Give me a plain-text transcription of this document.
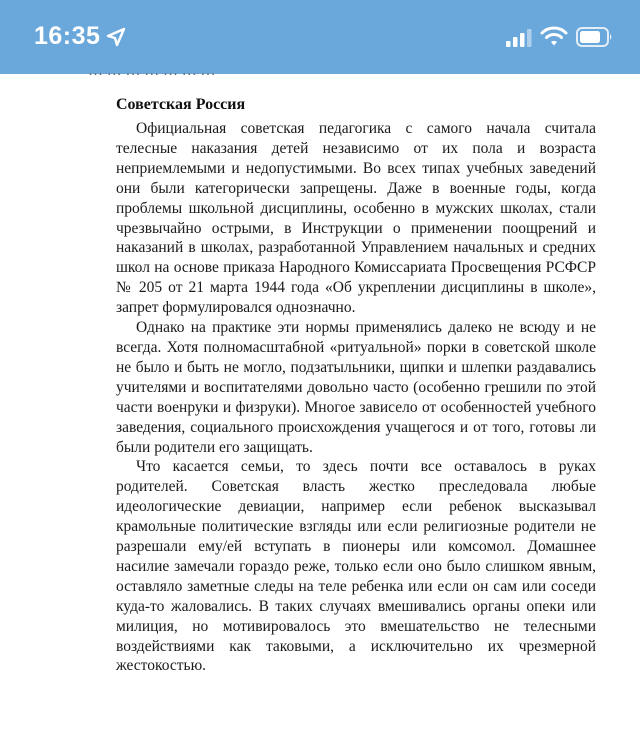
16:35
… … … … … … …
Советская Россия

Официальная советская педагогика с самого начала считала телесные наказания детей независимо от их пола и возраста неприемлемыми и недопустимыми. Во всех типах учебных заведений они были категорически запрещены. Даже в военные годы, когда проблемы школьной дисциплины, особенно в мужских школах, стали чрезвычайно острыми, в Инструкции о применении поощрений и наказаний в школах, разработанной Управлением начальных и средних школ на основе приказа Народного Комиссариата Просвещения РСФСР № 205 от 21 марта 1944 года «Об укреплении дисциплины в школе», запрет формулировался однозначно.

Однако на практике эти нормы применялись далеко не всюду и не всегда. Хотя полномасштабной «ритуальной» порки в советской школе не было и быть не могло, подзатыльники, щипки и шлепки раздавались учителями и воспитателями довольно часто (особенно грешили по этой части военруки и физруки). Многое зависело от особенностей учебного заведения, социального происхождения учащегося и от того, готовы ли были родители его защищать.

Что касается семьи, то здесь почти все оставалось в руках родителей. Советская власть жестко преследовала любые идеологические девиации, например если ребенок высказывал крамольные политические взгляды или если религиозные родители не разрешали ему/ей вступать в пионеры или комсомол. Домашнее насилие замечали гораздо реже, только если оно было слишком явным, оставляло заметные следы на теле ребенка или если он сам или соседи куда-то жаловались. В таких случаях вмешивались органы опеки или милиция, но мотивировалось это вмешательство не телесными воздействиями как таковыми, а исключительно их чрезмерной жестокостью.
